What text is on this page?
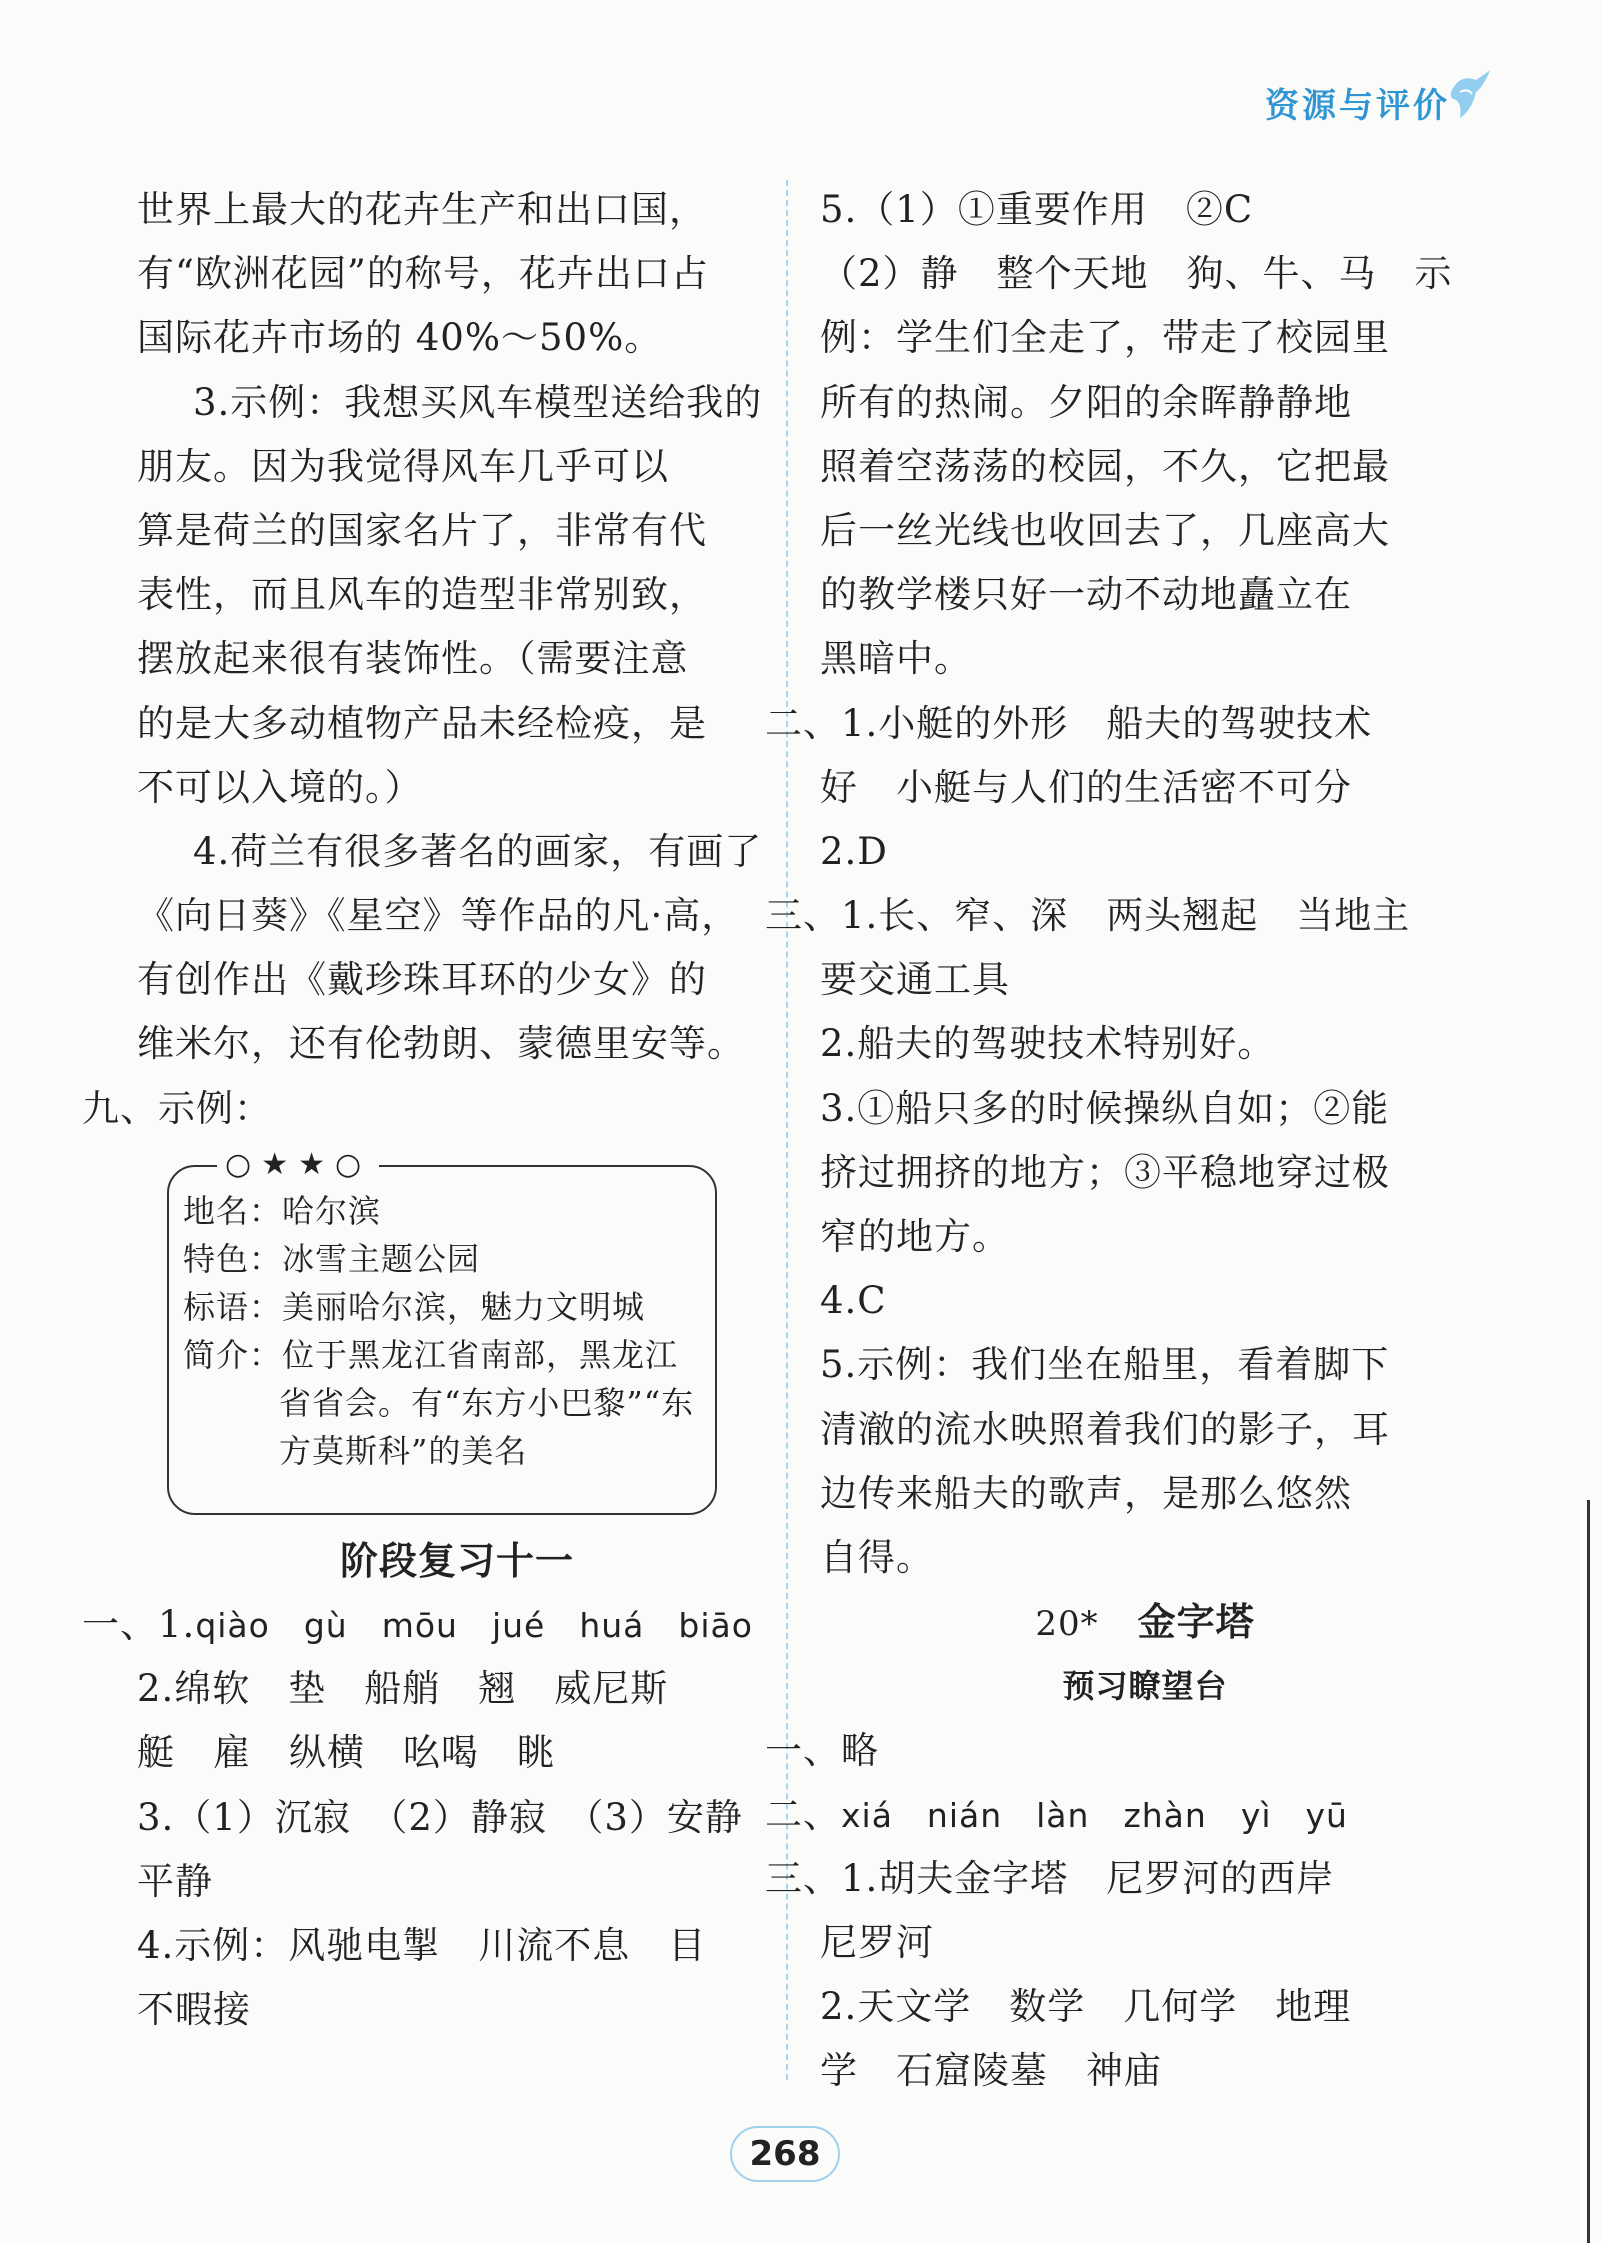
资源与评价
世界上最大的花卉生产和出口国，
有“欧洲花园”的称号，花卉出口占
国际花卉市场的 40%～50%。
3.示例：我想买风车模型送给我的
朋友。因为我觉得风车几乎可以
算是荷兰的国家名片了，非常有代
表性，而且风车的造型非常别致，
摆放起来很有装饰性。（需要注意
的是大多动植物产品未经检疫，是
不可以入境的。）
4.荷兰有很多著名的画家，有画了
《向日葵》《星空》等作品的凡·高，
有创作出《戴珍珠耳环的少女》的
维米尔，还有伦勃朗、蒙德里安等。
九、示例：
地名：哈尔滨
特色：冰雪主题公园
标语：美丽哈尔滨，魅力文明城
简介：位于黑龙江省南部，黑龙江
省省会。有“东方小巴黎”“东
方莫斯科”的美名
○★★○
阶段复习十一
一、1.qiào　gù　mōu　jué　huá　biāo
2.绵软　垫　船艄　翘　威尼斯
艇　雇　纵横　吆喝　眺
3.（1）沉寂　（2）静寂　（3）安静
平静
4.示例：风驰电掣　川流不息　目
不暇接
5.（1）①重要作用　②C
（2）静　整个天地　狗、牛、马　示
例：学生们全走了，带走了校园里
所有的热闹。夕阳的余晖静静地
照着空荡荡的校园，不久，它把最
后一丝光线也收回去了，几座高大
的教学楼只好一动不动地矗立在
黑暗中。
二、1.小艇的外形　船夫的驾驶技术
好　小艇与人们的生活密不可分
2.D
三、1.长、窄、深　两头翘起　当地主
要交通工具
2.船夫的驾驶技术特别好。
3.①船只多的时候操纵自如；②能
挤过拥挤的地方；③平稳地穿过极
窄的地方。
4.C
5.示例：我们坐在船里，看着脚下
清澈的流水映照着我们的影子，耳
边传来船夫的歌声，是那么悠然
自得。
20*　 金字塔
预习瞭望台
一、略
二、xiá　nián　làn　zhàn　yì　yū
三、1.胡夫金字塔　尼罗河的西岸
尼罗河
2.天文学　数学　几何学　地理
学　石窟陵墓　神庙
268
